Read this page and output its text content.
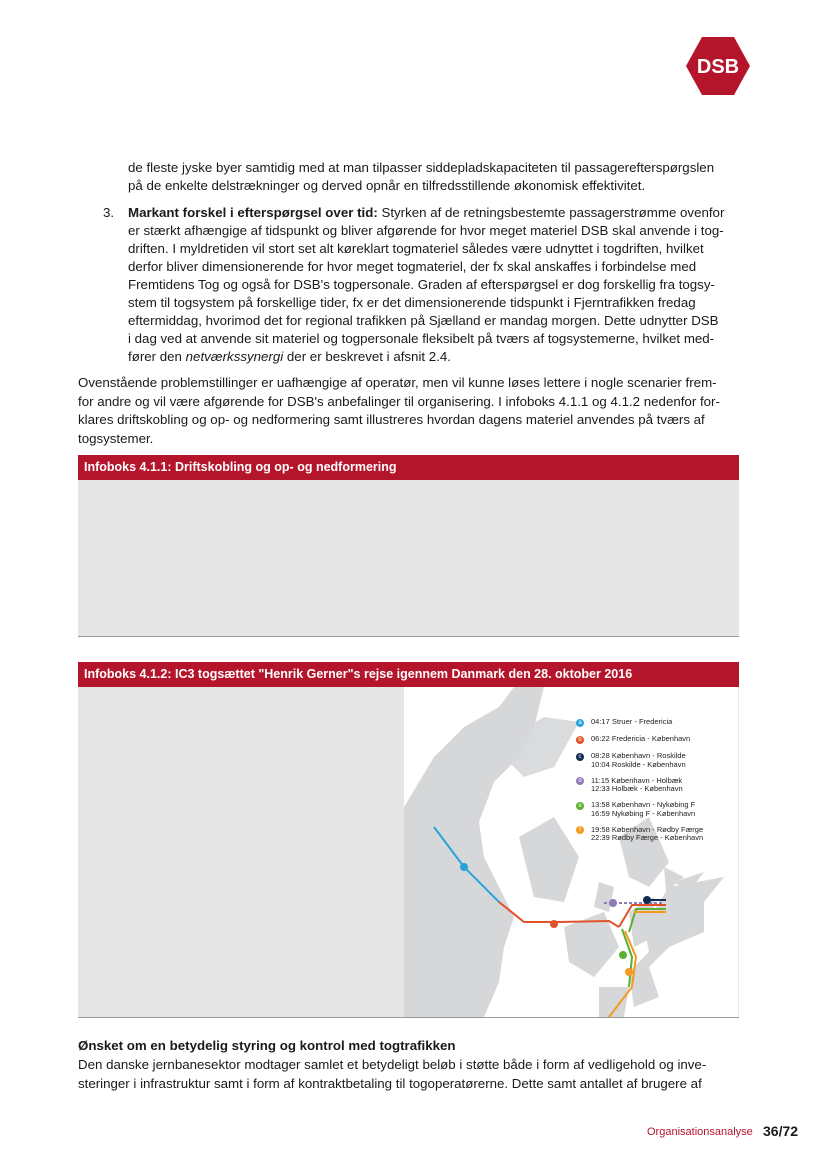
DSB
de fleste jyske byer samtidig med at man tilpasser siddepladskapaciteten til passagerefterspørgslen
på de enkelte delstrækninger og derved opnår en tilfredsstillende økonomisk effektivitet.
3. Markant forskel i efterspørgsel over tid: Styrken af de retningsbestemte passagerstrømme ovenfor
er stærkt afhængige af tidspunkt og bliver afgørende for hvor meget materiel DSB skal anvende i tog-
driften. I myldretiden vil stort set alt køreklart togmateriel således være udnyttet i togdriften, hvilket
derfor bliver dimensionerende for hvor meget togmateriel, der fx skal anskaffes i forbindelse med
Fremtidens Tog og også for DSB's togpersonale. Graden af efterspørgsel er dog forskellig fra togsy-
stem til togsystem på forskellige tider, fx er det dimensionerende tidspunkt i Fjerntrafikken fredag
eftermiddag, hvorimod det for regional trafikken på Sjælland er mandag morgen. Dette udnytter DSB
i dag ved at anvende sit materiel og togpersonale fleksibelt på tværs af togsystemerne, hvilket med-
fører den netværkssynergi der er beskrevet i afsnit 2.4.
Ovenstående problemstillinger er uafhængige af operatør, men vil kunne løses lettere i nogle scenarier frem-
for andre og vil være afgørende for DSB's anbefalinger til organisering. I infoboks 4.1.1 og 4.1.2 nedenfor for-
klares driftskobling og op- og nedformering samt illustreres hvordan dagens materiel anvendes på tværs af
togsystemer.
Infoboks 4.1.1: Driftskobling og op- og nedformering
Infoboks 4.1.2: IC3 togsættet "Henrik Gerner"s rejse igennem Danmark den 28. oktober 2016
a	04:17 Struer - Fredericia
b	06:22 Fredericia - København
c	08:28 København - Roskilde
10:04 Roskilde - København
d	11:15 København - Holbæk
12:33 Holbæk - København
e	13:58 København - Nykøbing F
16:59 Nykøbing F - København
f	19:58 København - Rødby Færge
22:39 Rødby Færge - København
Ønsket om en betydelig styring og kontrol med togtrafikken
Den danske jernbanesektor modtager samlet et betydeligt beløb i støtte både i form af vedligehold og inve-
steringer i infrastruktur samt i form af kontraktbetaling til togoperatørerne. Dette samt antallet af brugere af
Organisationsanalyse 36/72
